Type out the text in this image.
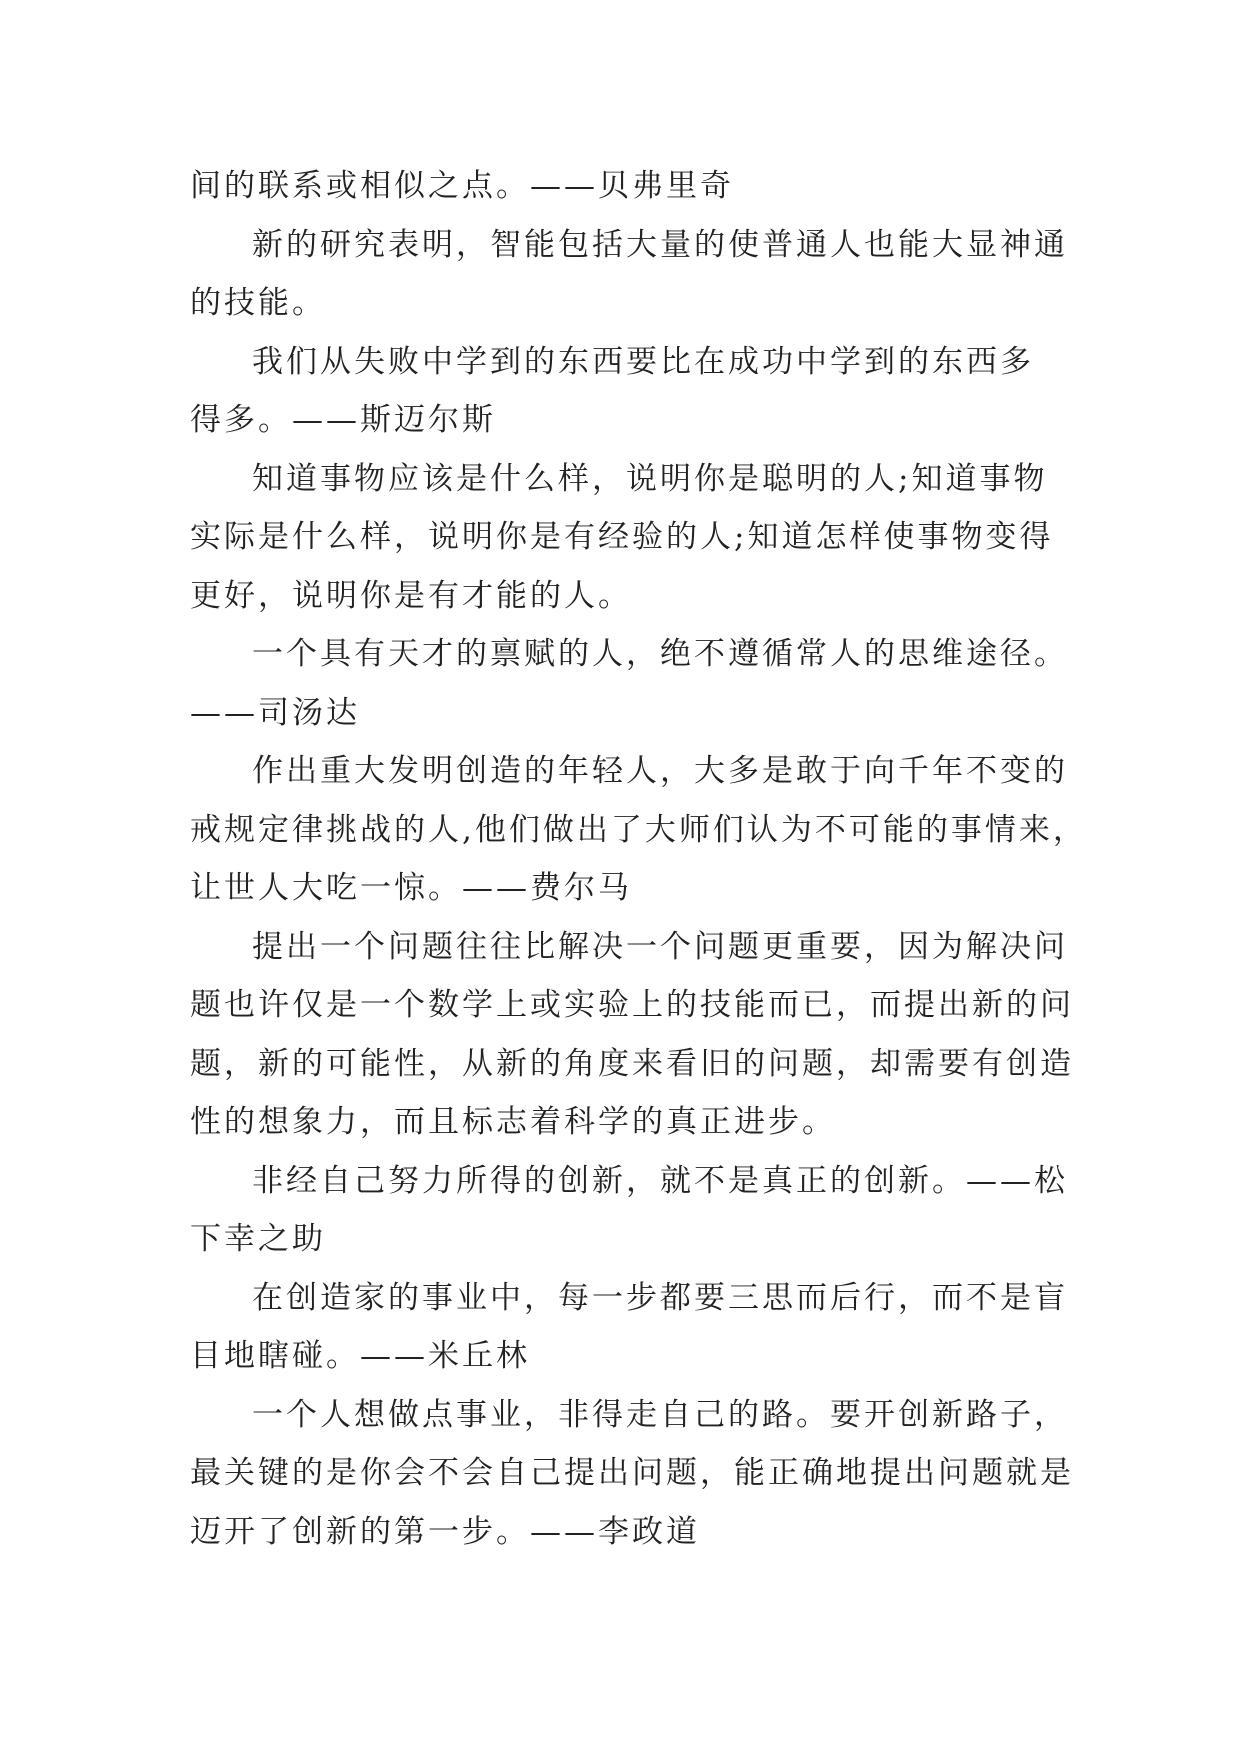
间的联系或相似之点。——贝弗里奇

新的研究表明，智能包括大量的使普通人也能大显神通
的技能。

我们从失败中学到的东西要比在成功中学到的东西多
得多。——斯迈尔斯

知道事物应该是什么样，说明你是聪明的人;知道事物
实际是什么样，说明你是有经验的人;知道怎样使事物变得
更好，说明你是有才能的人。

一个具有天才的禀赋的人，绝不遵循常人的思维途径。
——司汤达

作出重大发明创造的年轻人，大多是敢于向千年不变的
戒规定律挑战的人,他们做出了大师们认为不可能的事情来，
让世人大吃一惊。——费尔马

提出一个问题往往比解决一个问题更重要，因为解决问
题也许仅是一个数学上或实验上的技能而已，而提出新的问
题，新的可能性，从新的角度来看旧的问题，却需要有创造
性的想象力，而且标志着科学的真正进步。

非经自己努力所得的创新，就不是真正的创新。——松
下幸之助

在创造家的事业中，每一步都要三思而后行，而不是盲
目地瞎碰。——米丘林

一个人想做点事业，非得走自己的路。要开创新路子，
最关键的是你会不会自己提出问题，能正确地提出问题就是
迈开了创新的第一步。——李政道
